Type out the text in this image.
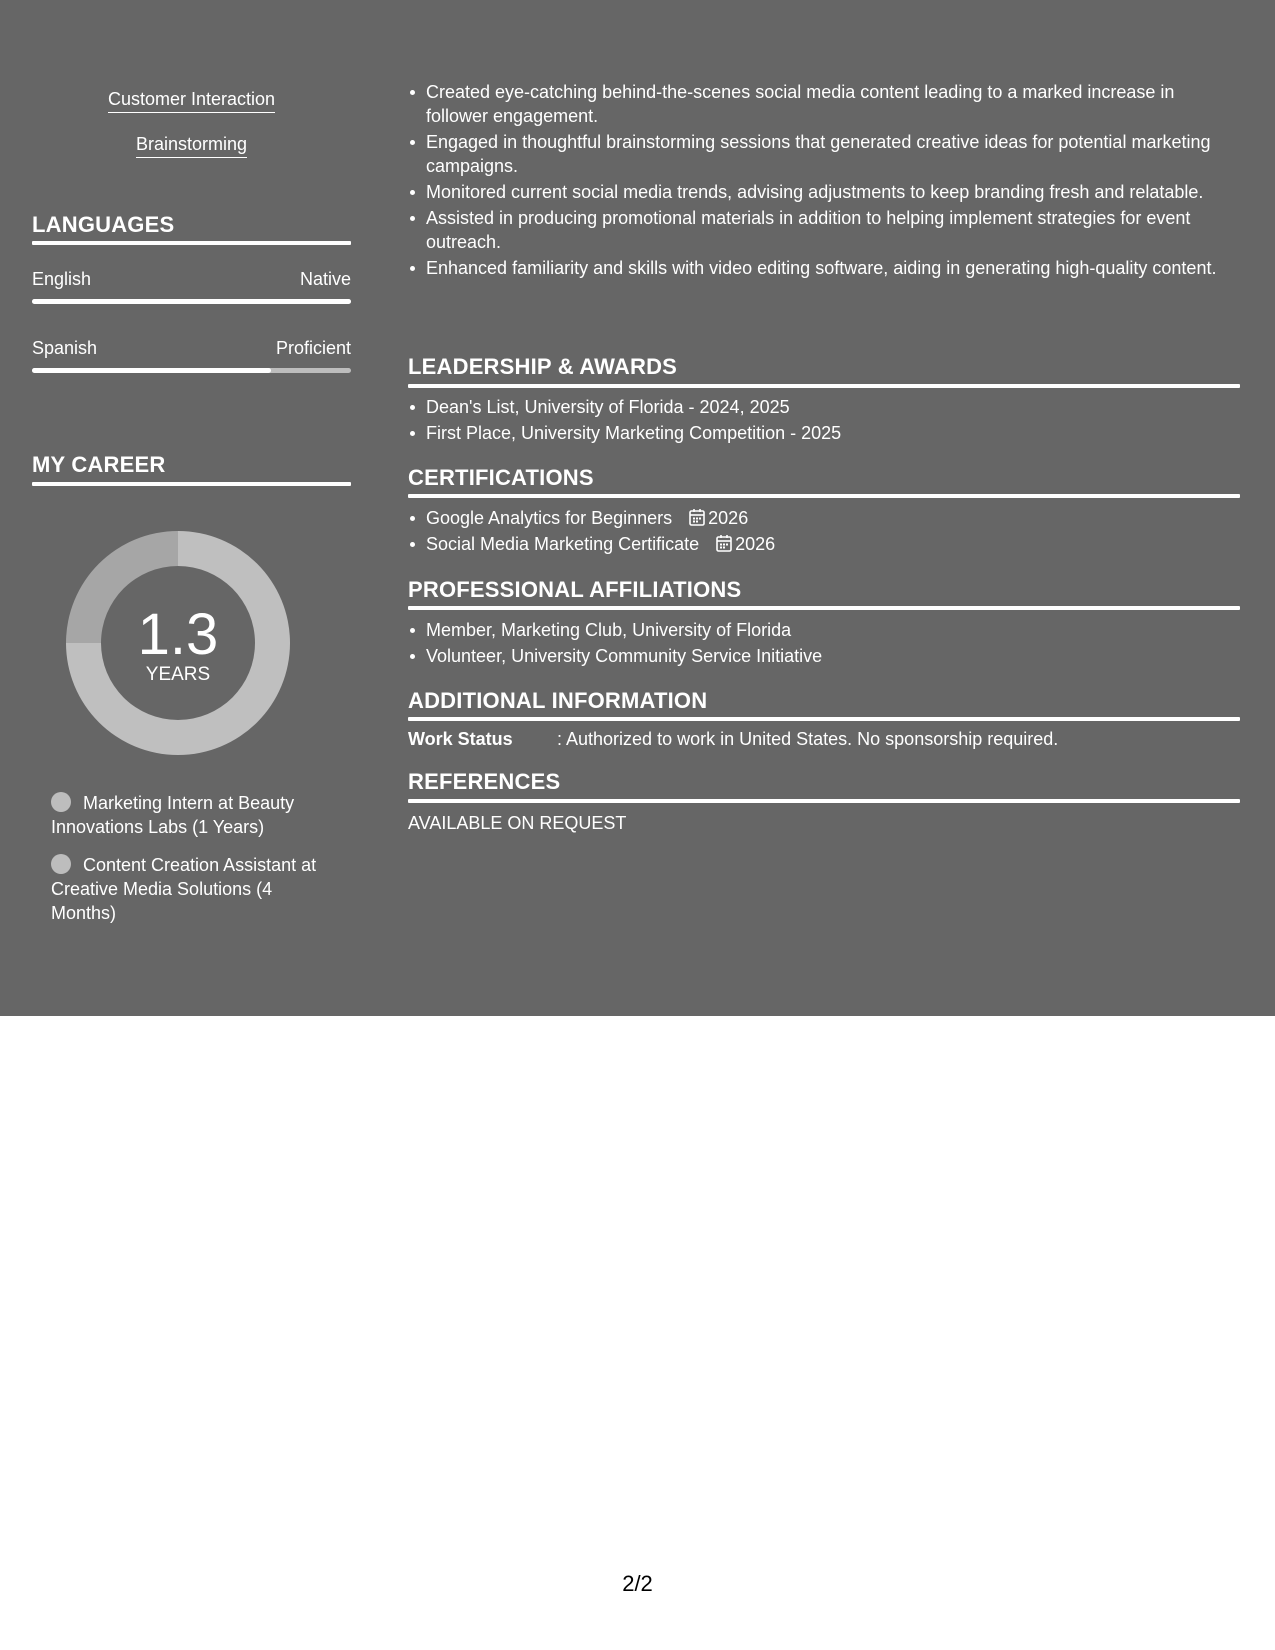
Customer Interaction
Brainstorming
LANGUAGES
English	Native
Spanish	Proficient
MY CAREER
1.3
YEARS
Marketing Intern at Beauty Innovations Labs (1 Years)
Content Creation Assistant at Creative Media Solutions (4 Months)
Created eye-catching behind-the-scenes social media content leading to a marked increase in follower engagement.
Engaged in thoughtful brainstorming sessions that generated creative ideas for potential marketing campaigns.
Monitored current social media trends, advising adjustments to keep branding fresh and relatable.
Assisted in producing promotional materials in addition to helping implement strategies for event outreach.
Enhanced familiarity and skills with video editing software, aiding in generating high-quality content.
LEADERSHIP & AWARDS
Dean's List, University of Florida - 2024, 2025
First Place, University Marketing Competition - 2025
CERTIFICATIONS
Google Analytics for Beginners 2026
Social Media Marketing Certificate 2026
PROFESSIONAL AFFILIATIONS
Member, Marketing Club, University of Florida
Volunteer, University Community Service Initiative
ADDITIONAL INFORMATION
Work Status : Authorized to work in United States. No sponsorship required.
REFERENCES
AVAILABLE ON REQUEST
2/2
